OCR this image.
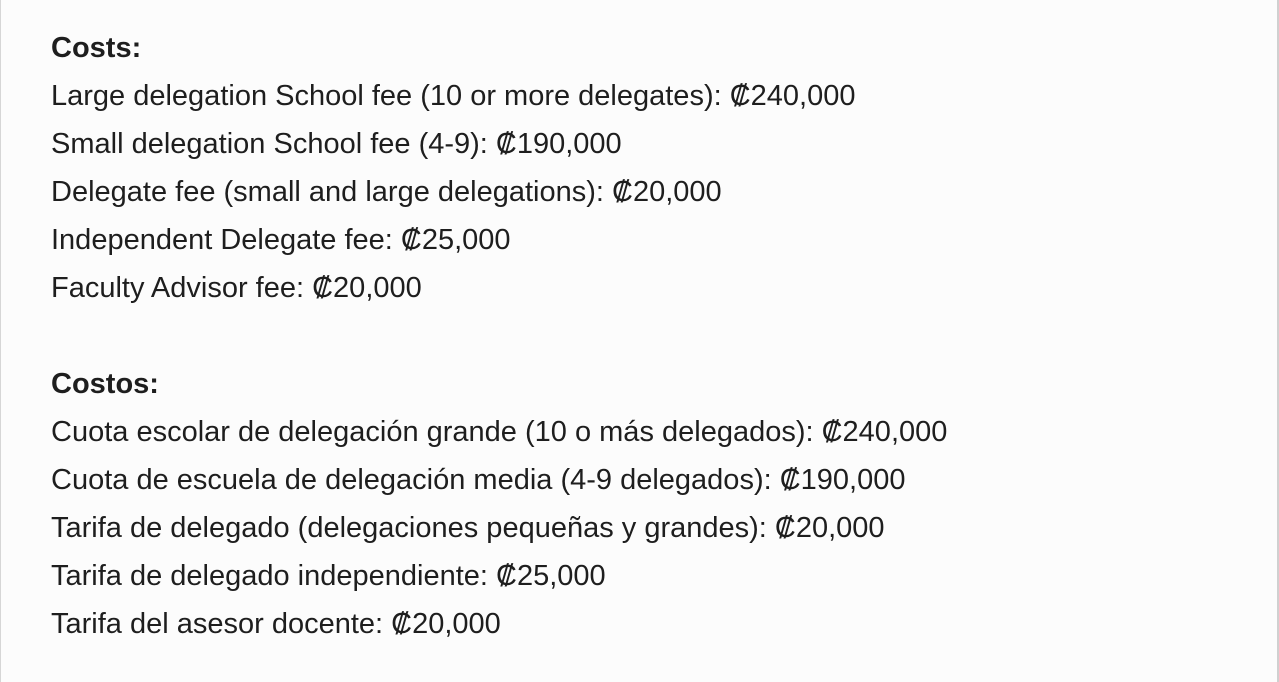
Costs:
Large delegation School fee (10 or more delegates): ₡240,000
Small delegation School fee (4-9): ₡190,000
Delegate fee (small and large delegations): ₡20,000
Independent Delegate fee: ₡25,000
Faculty Advisor fee: ₡20,000
Costos:
Cuota escolar de delegación grande (10 o más delegados): ₡240,000
Cuota de escuela de delegación media (4-9 delegados): ₡190,000
Tarifa de delegado (delegaciones pequeñas y grandes): ₡20,000
Tarifa de delegado independiente: ₡25,000
Tarifa del asesor docente: ₡20,000
